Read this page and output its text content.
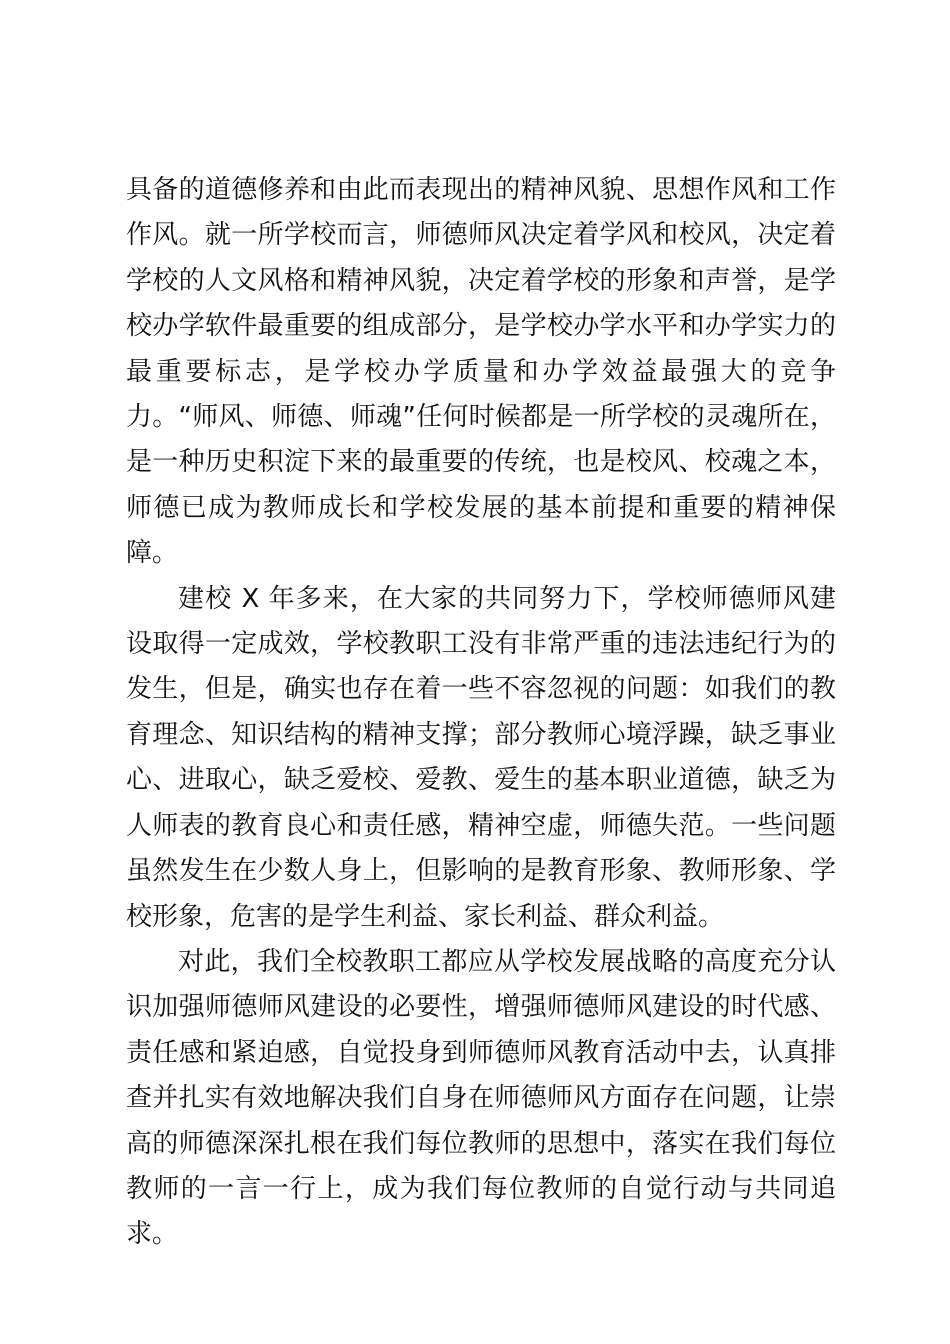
具备的道德修养和由此而表现出的精神风貌、思想作风和工作作风。就一所学校而言，师德师风决定着学风和校风，决定着学校的人文风格和精神风貌，决定着学校的形象和声誉，是学校办学软件最重要的组成部分，是学校办学水平和办学实力的最重要标志，是学校办学质量和办学效益最强大的竞争力。“师风、师德、师魂”任何时候都是一所学校的灵魂所在，是一种历史积淀下来的最重要的传统，也是校风、校魂之本，师德已成为教师成长和学校发展的基本前提和重要的精神保障。

建校 X 年多来，在大家的共同努力下，学校师德师风建设取得一定成效，学校教职工没有非常严重的违法违纪行为的发生，但是，确实也存在着一些不容忽视的问题：如我们的教育理念、知识结构的精神支撑；部分教师心境浮躁，缺乏事业心、进取心，缺乏爱校、爱教、爱生的基本职业道德，缺乏为人师表的教育良心和责任感，精神空虚，师德失范。一些问题虽然发生在少数人身上，但影响的是教育形象、教师形象、学校形象，危害的是学生利益、家长利益、群众利益。

对此，我们全校教职工都应从学校发展战略的高度充分认识加强师德师风建设的必要性，增强师德师风建设的时代感、责任感和紧迫感，自觉投身到师德师风教育活动中去，认真排查并扎实有效地解决我们自身在师德师风方面存在问题，让崇高的师德深深扎根在我们每位教师的思想中，落实在我们每位教师的一言一行上，成为我们每位教师的自觉行动与共同追求。
